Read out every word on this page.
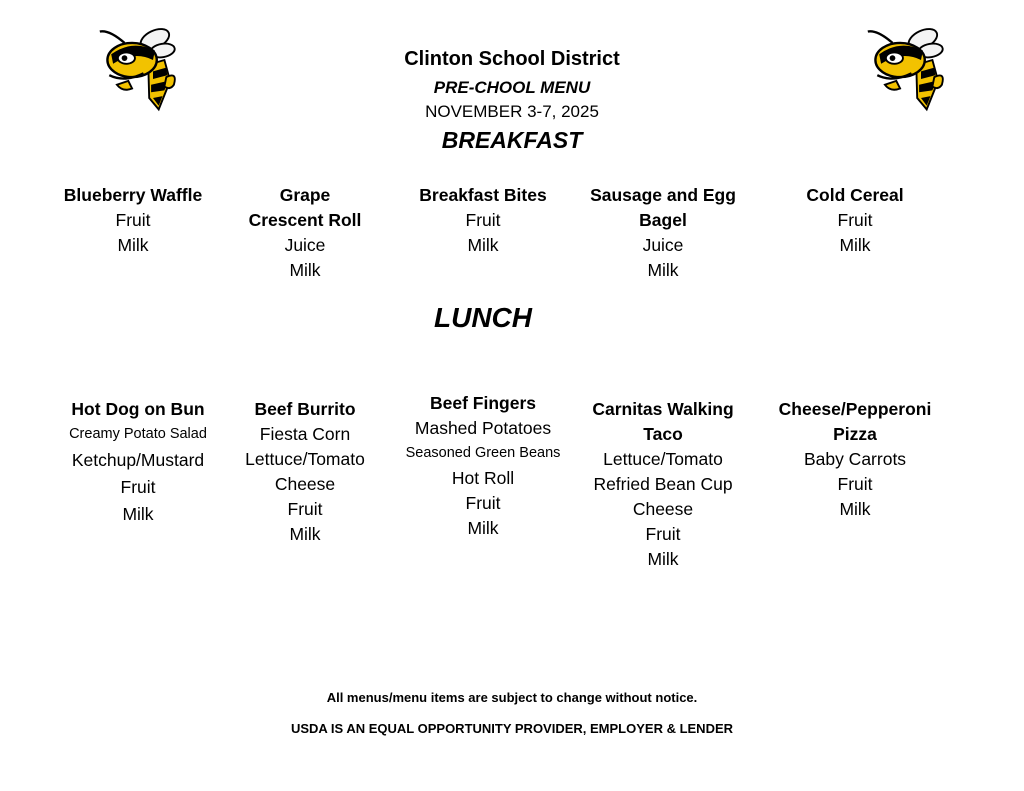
Clinton School District
PRE-CHOOL MENU
NOVEMBER 3-7, 2025
BREAKFAST
Blueberry Waffle
Fruit
Milk
Grape
Crescent Roll
Juice
Milk
Breakfast Bites
Fruit
Milk
Sausage and Egg
Bagel
Juice
Milk
Cold Cereal
Fruit
Milk
LUNCH
Hot Dog on Bun
Creamy Potato Salad
Ketchup/Mustard
Fruit
Milk
Beef Burrito
Fiesta Corn
Lettuce/Tomato
Cheese
Fruit
Milk
Beef Fingers
Mashed Potatoes
Seasoned Green Beans
Hot Roll
Fruit
Milk
Carnitas Walking
Taco
Lettuce/Tomato
Refried Bean Cup
Cheese
Fruit
Milk
Cheese/Pepperoni
Pizza
Baby Carrots
Fruit
Milk
All menus/menu items are subject to change without notice.
USDA IS AN EQUAL OPPORTUNITY PROVIDER, EMPLOYER & LENDER
